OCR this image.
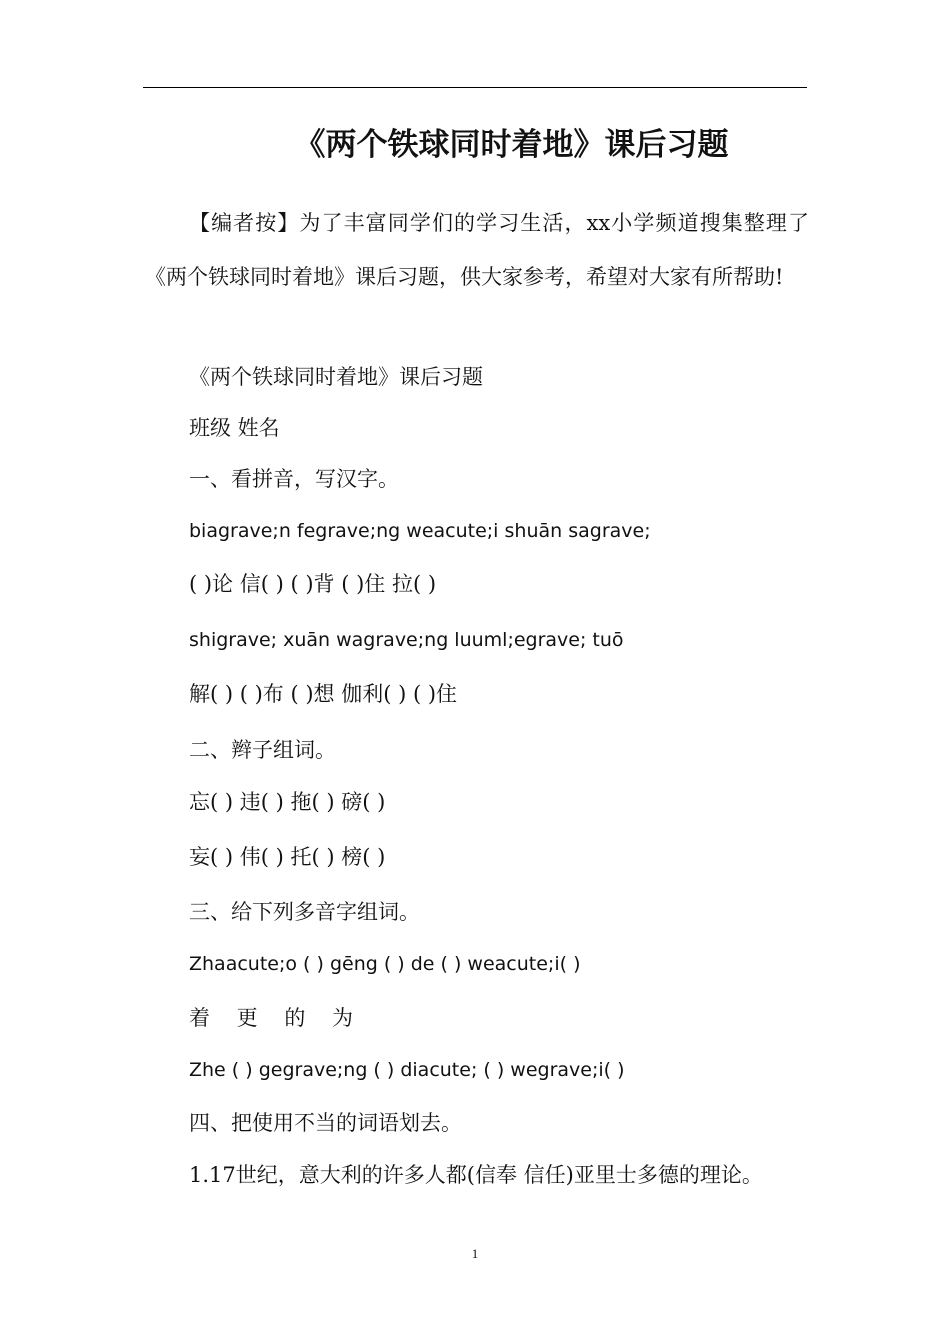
《两个铁球同时着地》课后习题
【编者按】为了丰富同学们的学习生活，xx小学频道搜集整理了《两个铁球同时着地》课后习题，供大家参考，希望对大家有所帮助!
《两个铁球同时着地》课后习题
班级 姓名
一、看拼音，写汉字。
biagrave;n fegrave;ng weacute;i shuān sagrave;
( )论 信( ) ( )背 ( )住 拉( )
shigrave; xuān wagrave;ng luuml;egrave; tuō
解( ) ( )布 ( )想 伽利( ) ( )住
二、辫子组词。
忘( ) 违( ) 拖( ) 磅( )
妄( ) 伟( ) 托( ) 榜( )
三、给下列多音字组词。
Zhaacute;o ( ) gēng ( ) de ( ) weacute;i( )
着 更 的 为
Zhe ( ) gegrave;ng ( ) diacute; ( ) wegrave;i( )
四、把使用不当的词语划去。
1.17世纪，意大利的许多人都(信奉 信任)亚里士多德的理论。
1
